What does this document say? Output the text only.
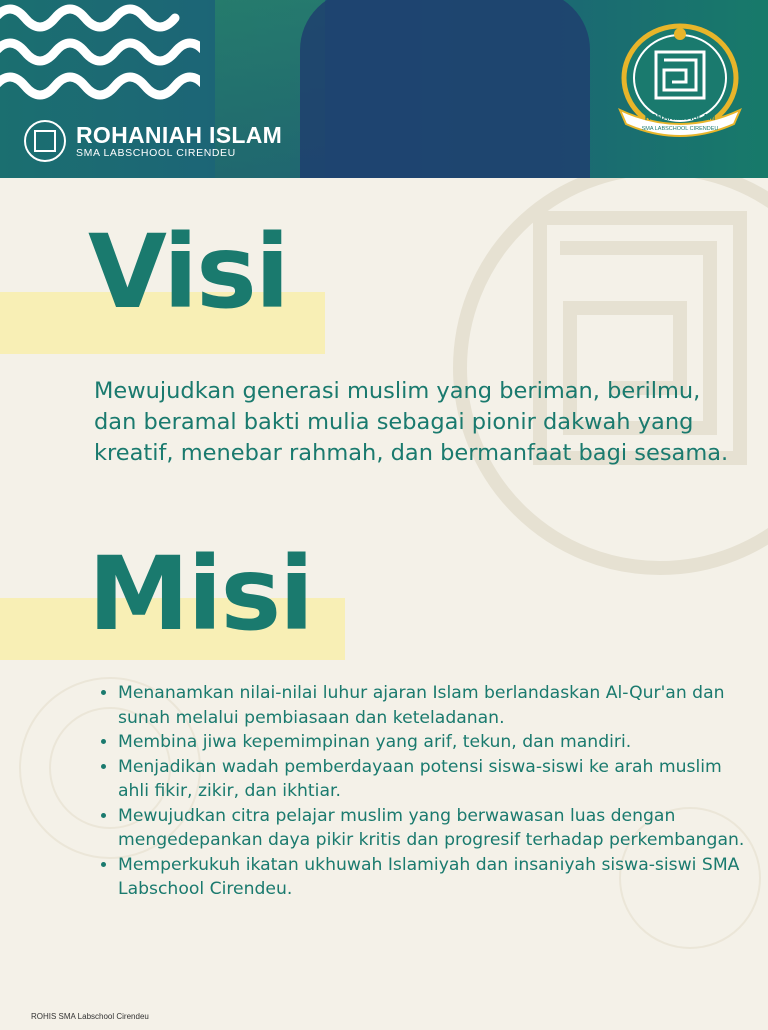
ROHANIAH ISLAM
SMA LABSCHOOL CIRENDEU
ROHANIAH ISLAM
SMA LABSCHOOL CIRENDEU
Visi

Mewujudkan generasi muslim yang beriman, berilmu, dan beramal bakti mulia sebagai pionir dakwah yang kreatif, menebar rahmah, dan bermanfaat bagi sesama.

Misi
• Menanamkan nilai-nilai luhur ajaran Islam berlandaskan Al-Qur'an dan sunah melalui pembiasaan dan keteladanan.
• Membina jiwa kepemimpinan yang arif, tekun, dan mandiri.
• Menjadikan wadah pemberdayaan potensi siswa-siswi ke arah muslim ahli fikir, zikir, dan ikhtiar.
• Mewujudkan citra pelajar muslim yang berwawasan luas dengan mengedepankan daya pikir kritis dan progresif terhadap perkembangan.
• Memperkukuh ikatan ukhuwah Islamiyah dan insaniyah siswa-siswi SMA Labschool Cirendeu.

ROHIS SMA Labschool Cirendeu
